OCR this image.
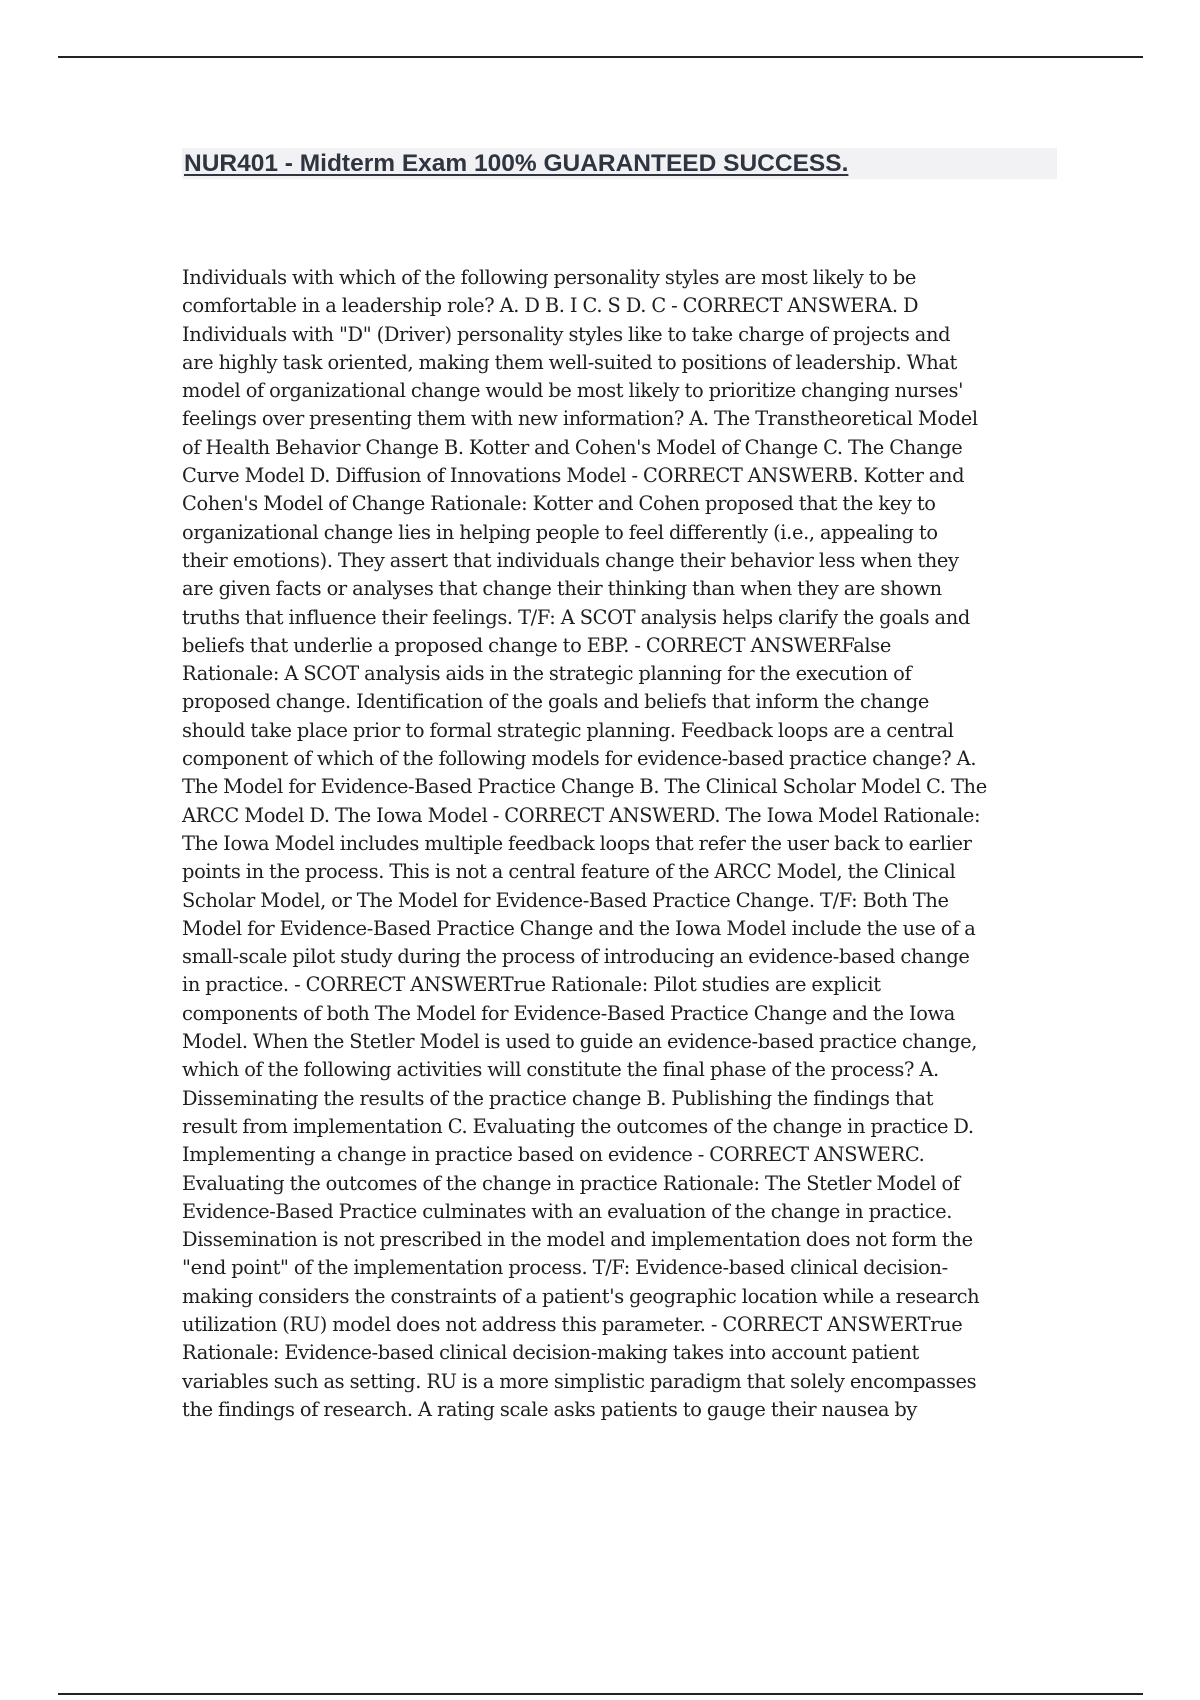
NUR401 - Midterm Exam 100% GUARANTEED SUCCESS.
Individuals with which of the following personality styles are most likely to be
comfortable in a leadership role? A. D B. I C. S D. C - CORRECT ANSWERA. D
Individuals with "D" (Driver) personality styles like to take charge of projects and
are highly task oriented, making them well-suited to positions of leadership. What
model of organizational change would be most likely to prioritize changing nurses'
feelings over presenting them with new information? A. The Transtheoretical Model
of Health Behavior Change B. Kotter and Cohen's Model of Change C. The Change
Curve Model D. Diffusion of Innovations Model - CORRECT ANSWERB. Kotter and
Cohen's Model of Change Rationale: Kotter and Cohen proposed that the key to
organizational change lies in helping people to feel differently (i.e., appealing to
their emotions). They assert that individuals change their behavior less when they
are given facts or analyses that change their thinking than when they are shown
truths that influence their feelings. T/F: A SCOT analysis helps clarify the goals and
beliefs that underlie a proposed change to EBP. - CORRECT ANSWERFalse
Rationale: A SCOT analysis aids in the strategic planning for the execution of
proposed change. Identification of the goals and beliefs that inform the change
should take place prior to formal strategic planning. Feedback loops are a central
component of which of the following models for evidence-based practice change? A.
The Model for Evidence-Based Practice Change B. The Clinical Scholar Model C. The
ARCC Model D. The Iowa Model - CORRECT ANSWERD. The Iowa Model Rationale:
The Iowa Model includes multiple feedback loops that refer the user back to earlier
points in the process. This is not a central feature of the ARCC Model, the Clinical
Scholar Model, or The Model for Evidence-Based Practice Change. T/F: Both The
Model for Evidence-Based Practice Change and the Iowa Model include the use of a
small-scale pilot study during the process of introducing an evidence-based change
in practice. - CORRECT ANSWERTrue Rationale: Pilot studies are explicit
components of both The Model for Evidence-Based Practice Change and the Iowa
Model. When the Stetler Model is used to guide an evidence-based practice change,
which of the following activities will constitute the final phase of the process? A.
Disseminating the results of the practice change B. Publishing the findings that
result from implementation C. Evaluating the outcomes of the change in practice D.
Implementing a change in practice based on evidence - CORRECT ANSWERC.
Evaluating the outcomes of the change in practice Rationale: The Stetler Model of
Evidence-Based Practice culminates with an evaluation of the change in practice.
Dissemination is not prescribed in the model and implementation does not form the
"end point" of the implementation process. T/F: Evidence-based clinical decision-
making considers the constraints of a patient's geographic location while a research
utilization (RU) model does not address this parameter. - CORRECT ANSWERTrue
Rationale: Evidence-based clinical decision-making takes into account patient
variables such as setting. RU is a more simplistic paradigm that solely encompasses
the findings of research. A rating scale asks patients to gauge their nausea by
